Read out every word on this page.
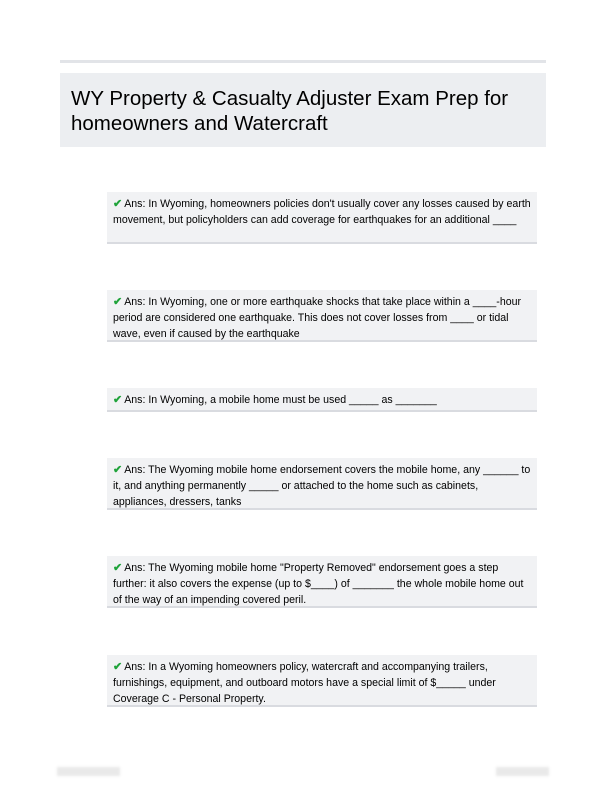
WY Property & Casualty Adjuster Exam Prep for homeowners and Watercraft
✔ Ans: In Wyoming, homeowners policies don't usually cover any losses caused by earth movement, but policyholders can add coverage for earthquakes for an additional ____
✔ Ans: In Wyoming, one or more earthquake shocks that take place within a ____-hour period are considered one earthquake. This does not cover losses from ____ or tidal wave, even if caused by the earthquake
✔ Ans: In Wyoming, a mobile home must be used _____ as _______
✔ Ans: The Wyoming mobile home endorsement covers the mobile home, any ______ to it, and anything permanently _____ or attached to the home such as cabinets, appliances, dressers, tanks
✔ Ans: The Wyoming mobile home "Property Removed" endorsement goes a step further: it also covers the expense (up to $____) of _______ the whole mobile home out of the way of an impending covered peril.
✔ Ans: In a Wyoming homeowners policy, watercraft and accompanying trailers, furnishings, equipment, and outboard motors have a special limit of $_____ under Coverage C - Personal Property.
